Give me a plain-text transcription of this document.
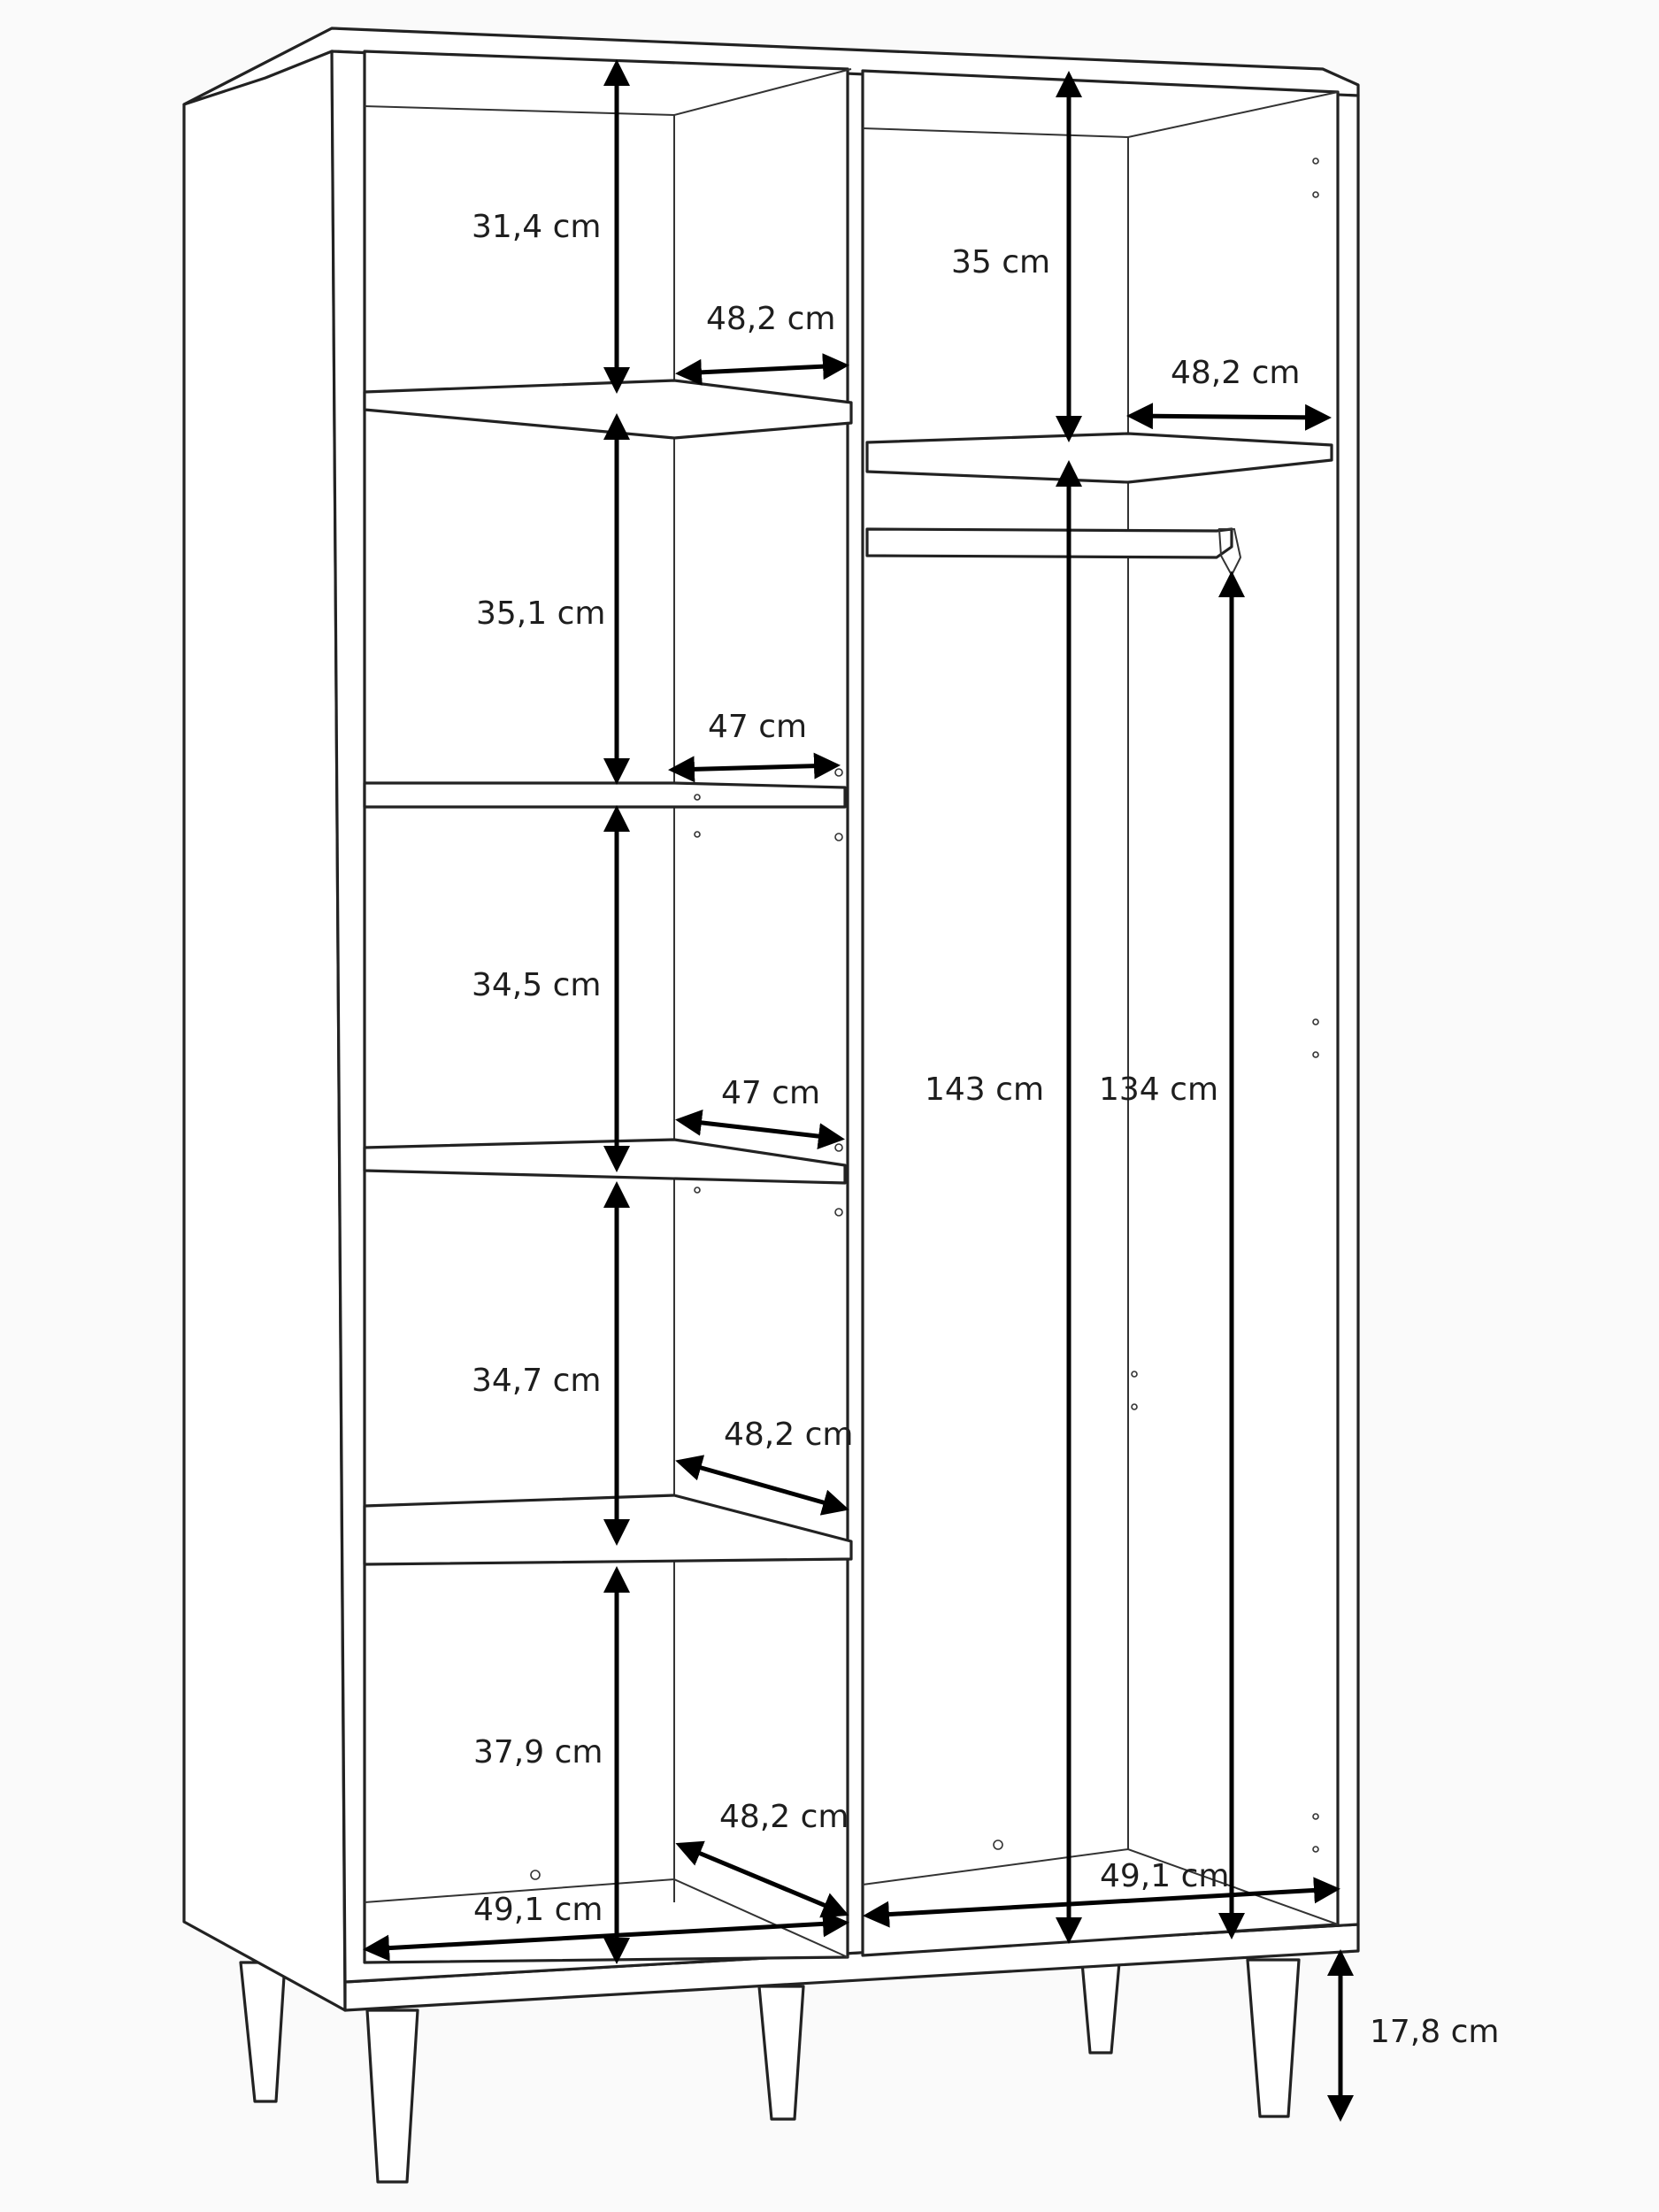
31,4 cm
48,2 cm
35,1 cm
47 cm
34,5 cm
47 cm
34,7 cm
48,2 cm
37,9 cm
48,2 cm
49,1 cm
35 cm
48,2 cm
143 cm 134 cm
49,1 cm
17,8 cm
